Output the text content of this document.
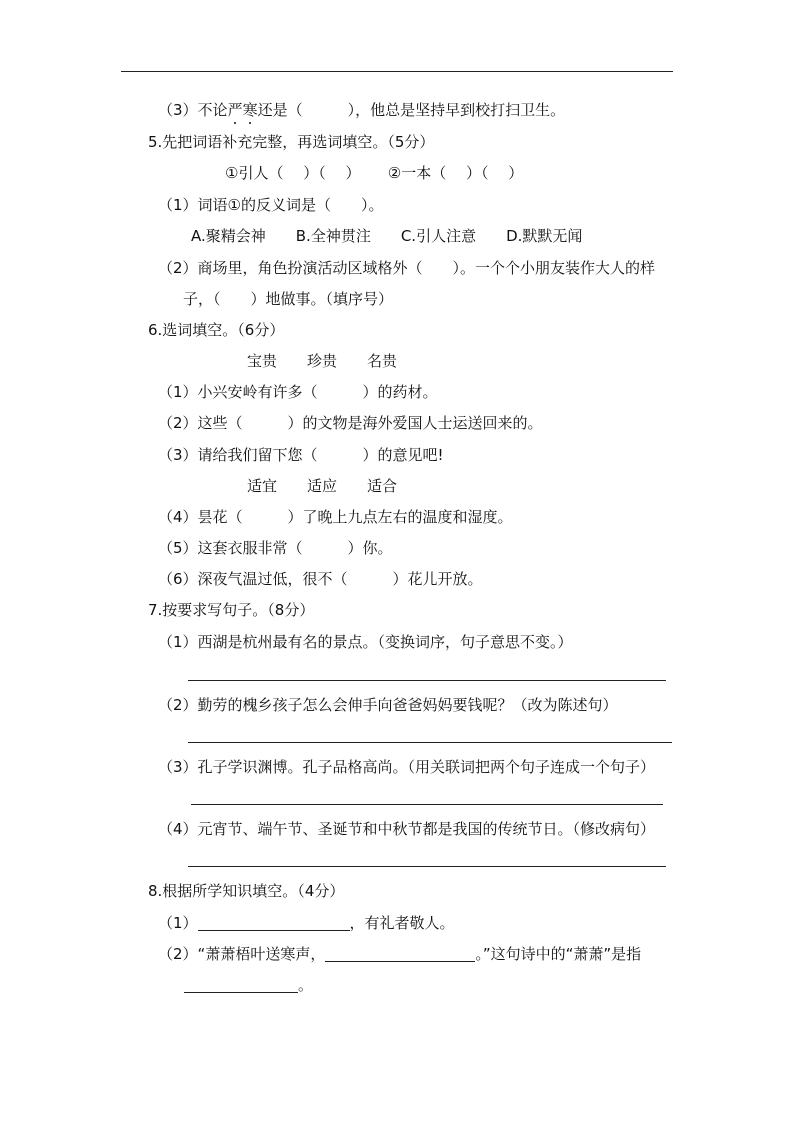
（3）不论严寒还是（　　　），他总是坚持早到校打扫卫生。
5.先把词语补充完整，再选词填空。（5分）
①引人（　 ）（　 ）　　 ②一本（　 ）（　 ）
（1）词语①的反义词是（　　）。
A.聚精会神　　B.全神贯注　　C.引人注意　　D.默默无闻
（2）商场里，角色扮演活动区域格外（　　）。一个个小朋友装作大人的样
子，（　　）地做事。（填序号）
6.选词填空。（6分）
宝贵　　珍贵　　名贵
（1）小兴安岭有许多（　　　）的药材。
（2）这些（　　　）的文物是海外爱国人士运送回来的。
（3）请给我们留下您（　　　）的意见吧!
适宜　　适应　　适合
（4）昙花（　　　）了晚上九点左右的温度和湿度。
（5）这套衣服非常（　　　）你。
（6）深夜气温过低，很不（　　　）花儿开放。
7.按要求写句子。（8分）
（1）西湖是杭州最有名的景点。（变换词序，句子意思不变。）
（2）勤劳的槐乡孩子怎么会伸手向爸爸妈妈要钱呢？（改为陈述句）
（3）孔子学识渊博。孔子品格高尚。（用关联词把两个句子连成一个句子）
（4）元宵节、端午节、圣诞节和中秋节都是我国的传统节日。（修改病句）
8.根据所学知识填空。（4分）
（1）	，有礼者敬人。
（2）“萧萧梧叶送寒声，	。”这句诗中的“萧萧”是指
。
